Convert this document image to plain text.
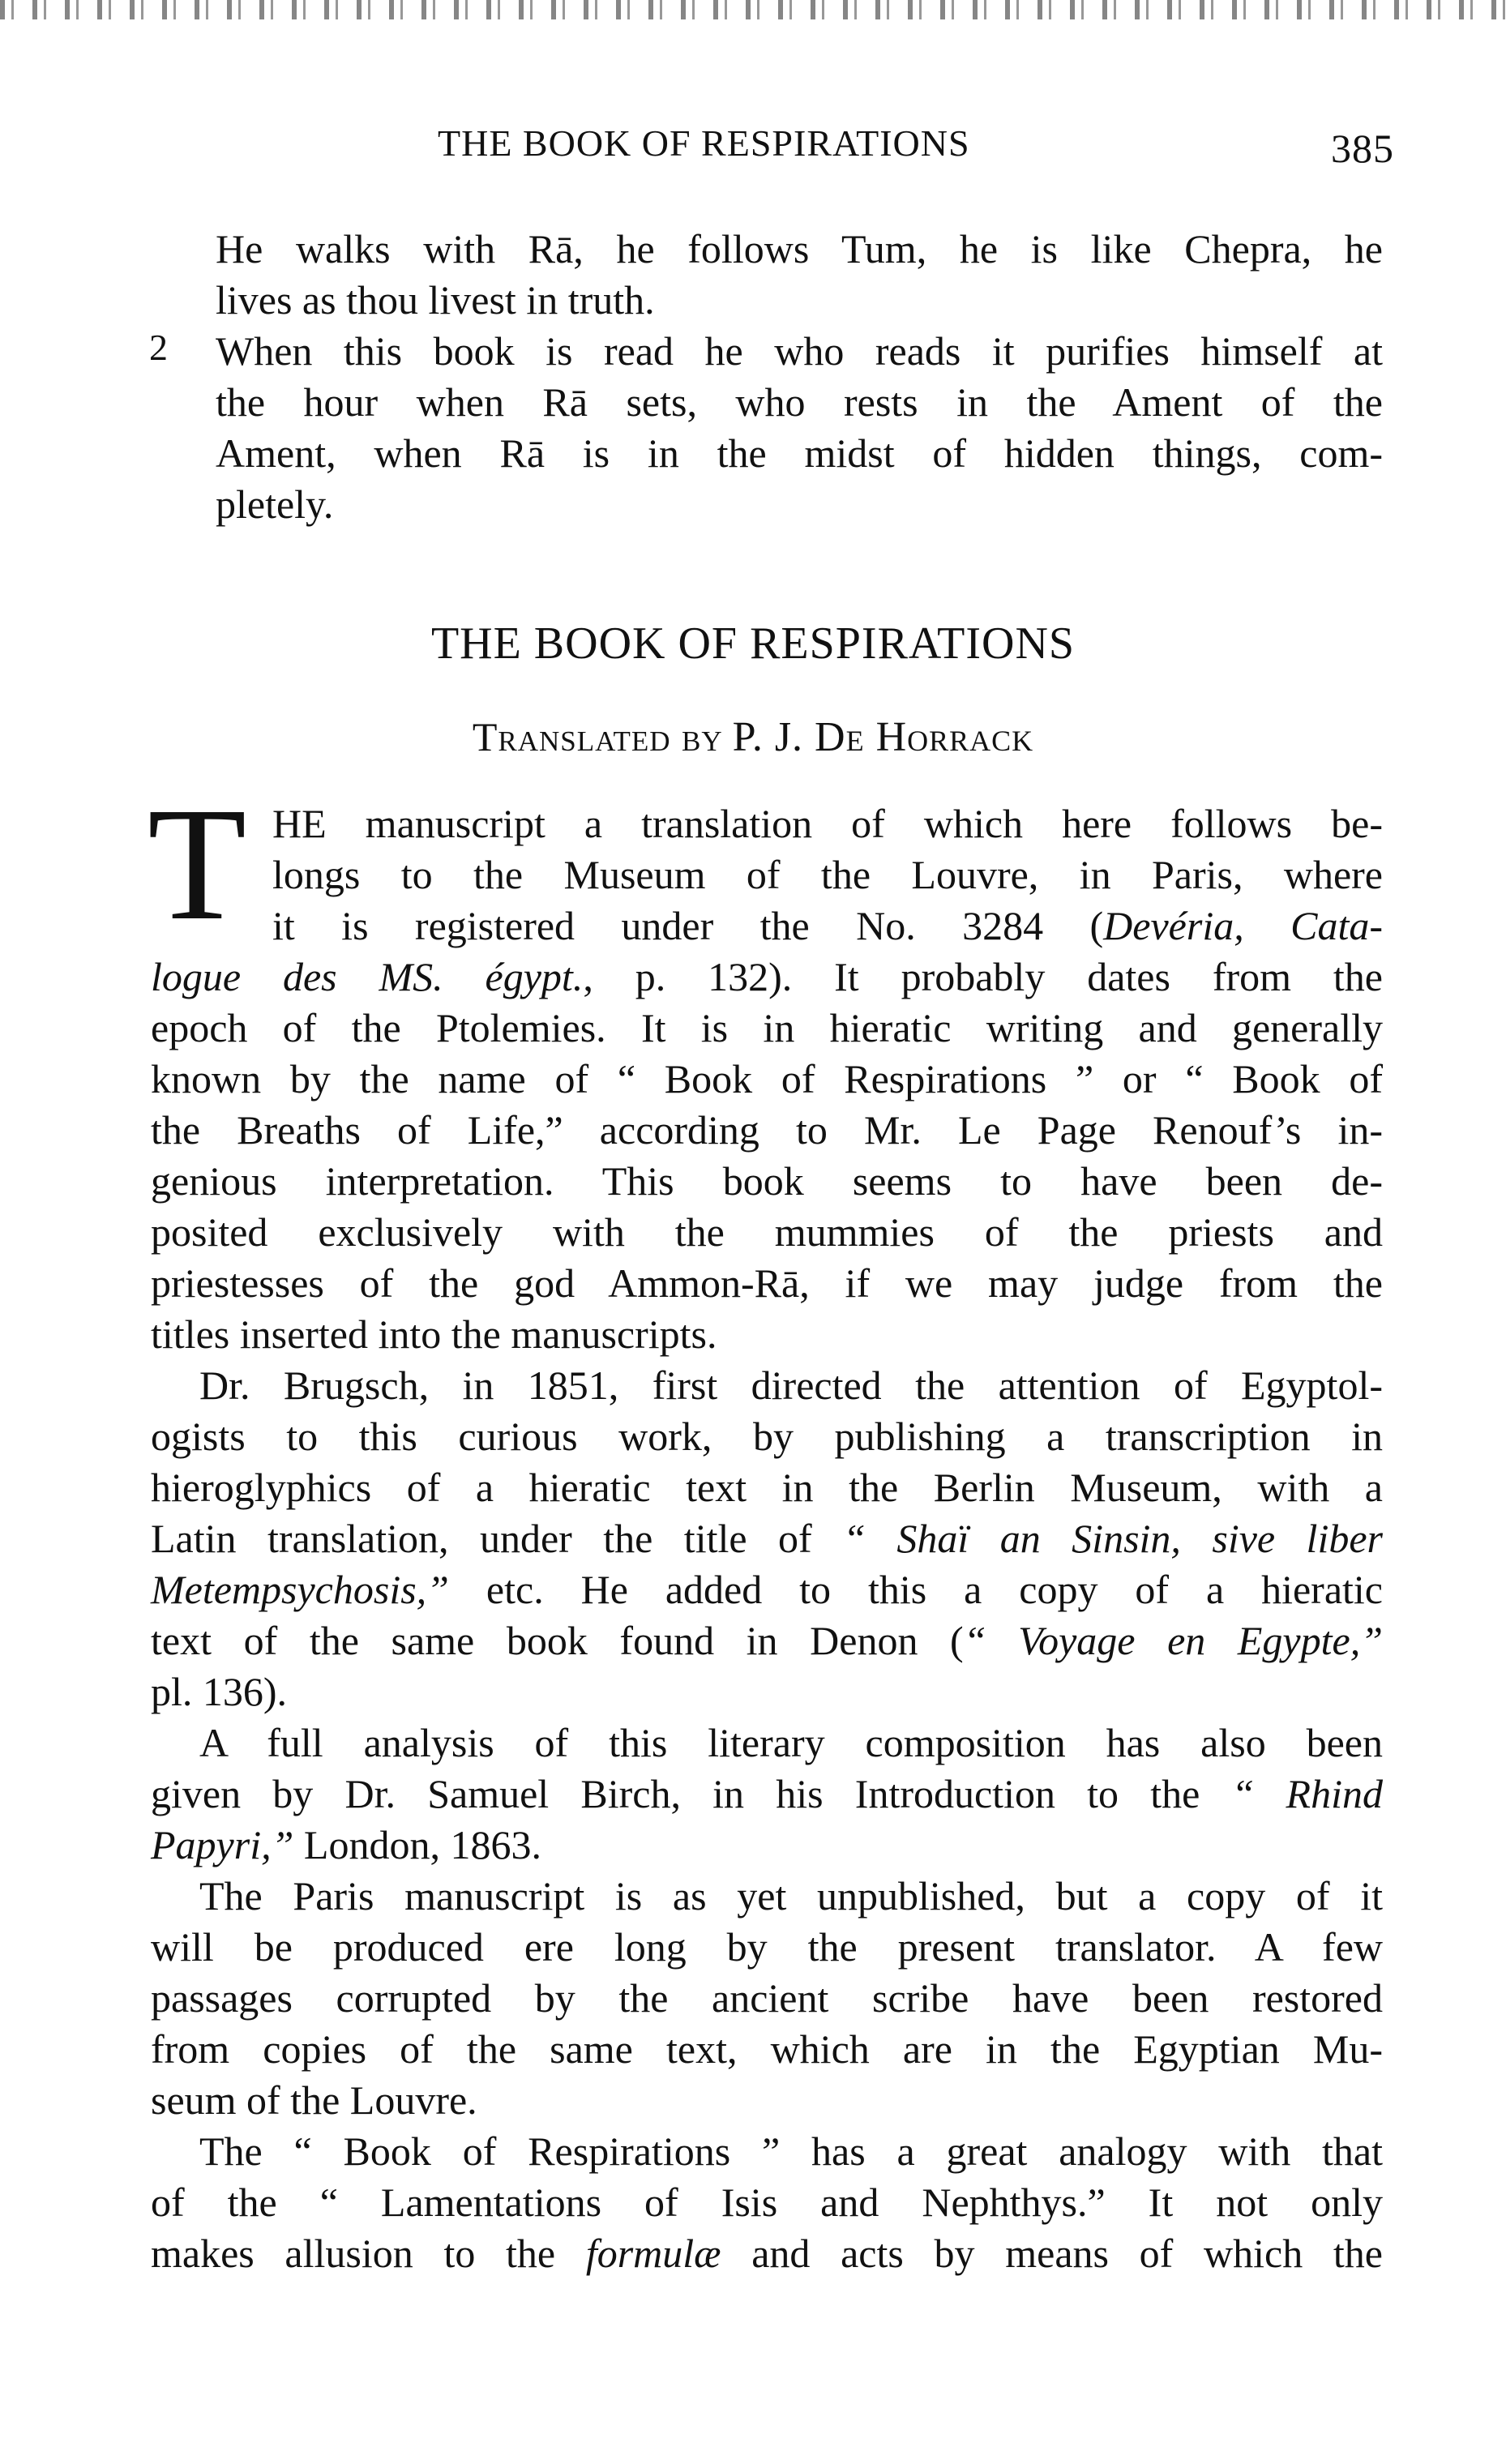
THE BOOK OF RESPIRATIONS	385
He walks with Rā, he follows Tum, he is like Chepra, he
lives as thou livest in truth.
2 When this book is read he who reads it purifies himself at
the hour when Rā sets, who rests in the Ament of the
Ament, when Rā is in the midst of hidden things, com-
pletely.
THE BOOK OF RESPIRATIONS
Translated by P. J. De Horrack
T HE manuscript a translation of which here follows be-
longs to the Museum of the Louvre, in Paris, where
it is registered under the No. 3284 (Devéria, Cata-
logue des MS. égypt., p. 132). It probably dates from the
epoch of the Ptolemies. It is in hieratic writing and generally
known by the name of “ Book of Respirations ” or “ Book of
the Breaths of Life,” according to Mr. Le Page Renouf’s in-
genious interpretation. This book seems to have been de-
posited exclusively with the mummies of the priests and
priestesses of the god Ammon-Rā, if we may judge from the
titles inserted into the manuscripts.
Dr. Brugsch, in 1851, first directed the attention of Egyptol-
ogists to this curious work, by publishing a transcription in
hieroglyphics of a hieratic text in the Berlin Museum, with a
Latin translation, under the title of “ Shaï an Sinsin, sive liber
Metempsychosis,” etc. He added to this a copy of a hieratic
text of the same book found in Denon (“ Voyage en Egypte,”
pl. 136).
A full analysis of this literary composition has also been
given by Dr. Samuel Birch, in his Introduction to the “ Rhind
Papyri,” London, 1863.
The Paris manuscript is as yet unpublished, but a copy of it
will be produced ere long by the present translator. A few
passages corrupted by the ancient scribe have been restored
from copies of the same text, which are in the Egyptian Mu-
seum of the Louvre.
The “ Book of Respirations ” has a great analogy with that
of the “ Lamentations of Isis and Nephthys.” It not only
makes allusion to the formulæ and acts by means of which the
